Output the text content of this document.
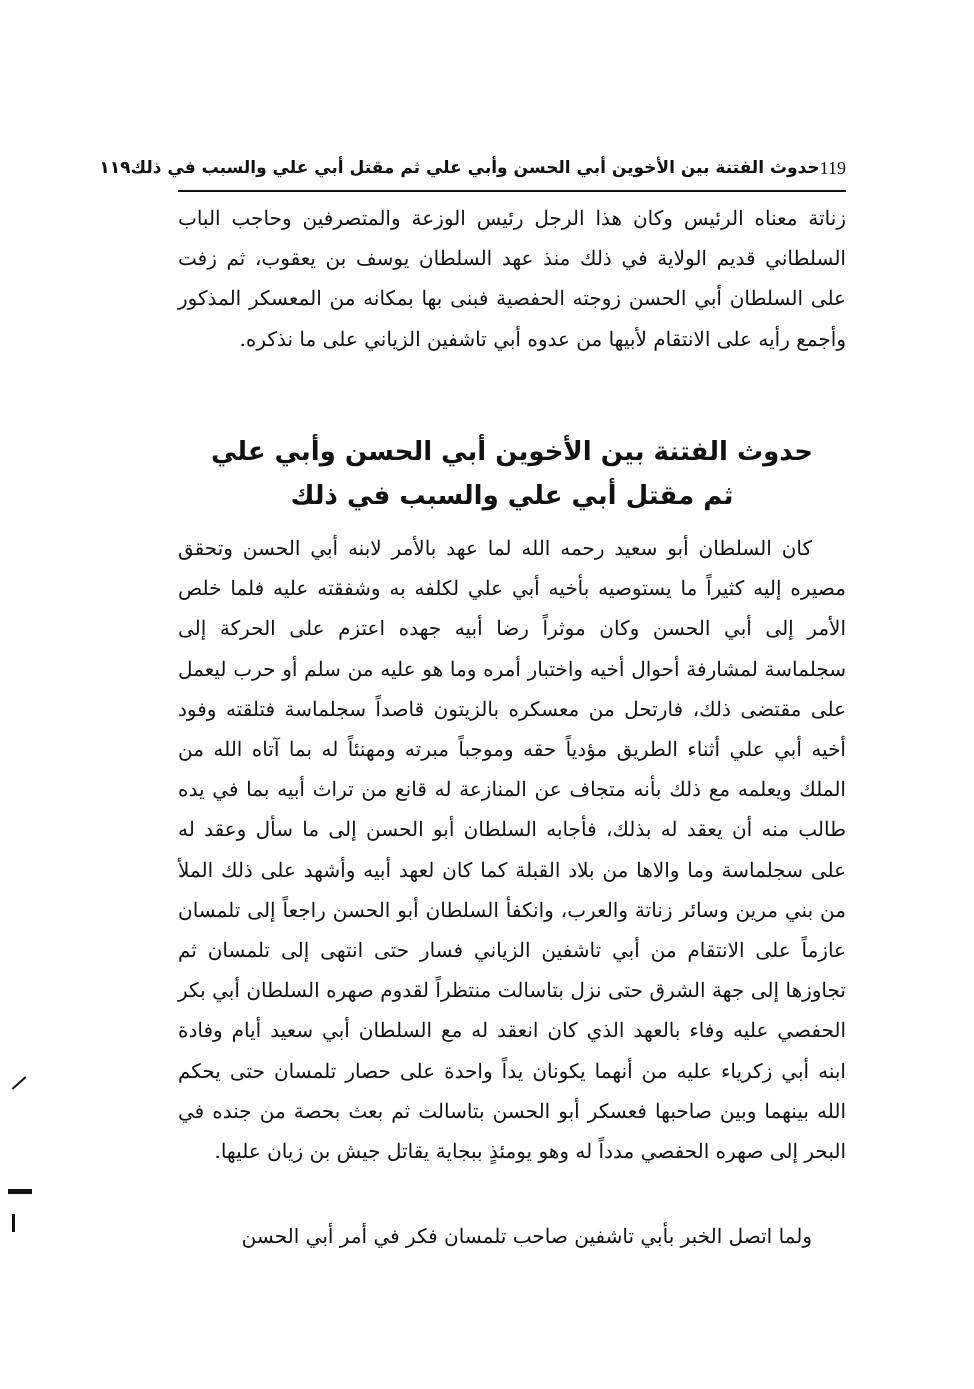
119
حدوث الفتنة بين الأخوين أبي الحسن وأبي علي ثم مقتل أبي علي والسبب في ذلك
١١٩
زناتة معناه الرئيس وكان هذا الرجل رئيس الوزعة والمتصرفين وحاجب الباب السلطاني قديم الولاية في ذلك منذ عهد السلطان يوسف بن يعقوب، ثم زفت على السلطان أبي الحسن زوجته الحفصية فبنى بها بمكانه من المعسكر المذكور وأجمع رأيه على الانتقام لأبيها من عدوه أبي تاشفين الزياني على ما نذكره.
حدوث الفتنة بين الأخوين أبي الحسن وأبي علي
ثم مقتل أبي علي والسبب في ذلك
كان السلطان أبو سعيد رحمه الله لما عهد بالأمر لابنه أبي الحسن وتحقق مصيره إليه كثيراً ما يستوصيه بأخيه أبي علي لكلفه به وشفقته عليه فلما خلص الأمر إلى أبي الحسن وكان موثراً رضا أبيه جهده اعتزم على الحركة إلى سجلماسة لمشارفة أحوال أخيه واختبار أمره وما هو عليه من سلم أو حرب ليعمل على مقتضى ذلك، فارتحل من معسكره بالزيتون قاصداً سجلماسة فتلقته وفود أخيه أبي علي أثناء الطريق مؤدياً حقه وموجباً مبرته ومهنئاً له بما آتاه الله من الملك ويعلمه مع ذلك بأنه متجاف عن المنازعة له قانع من تراث أبيه بما في يده طالب منه أن يعقد له بذلك، فأجابه السلطان أبو الحسن إلى ما سأل وعقد له على سجلماسة وما والاها من بلاد القبلة كما كان لعهد أبيه وأشهد على ذلك الملأ من بني مرين وسائر زناتة والعرب، وانكفأ السلطان أبو الحسن راجعاً إلى تلمسان عازماً على الانتقام من أبي تاشفين الزياني فسار حتى انتهى إلى تلمسان ثم تجاوزها إلى جهة الشرق حتى نزل بتاسالت منتظراً لقدوم صهره السلطان أبي بكر الحفصي عليه وفاء بالعهد الذي كان انعقد له مع السلطان أبي سعيد أيام وفادة ابنه أبي زكرياء عليه من أنهما يكونان يداً واحدة على حصار تلمسان حتى يحكم الله بينهما وبين صاحبها فعسكر أبو الحسن بتاسالت ثم بعث بحصة من جنده في البحر إلى صهره الحفصي مدداً له وهو يومئذٍ ببجاية يقاتل جيش بن زيان عليها.
ولما اتصل الخبر بأبي تاشفين صاحب تلمسان فكر في أمر أبي الحسن
